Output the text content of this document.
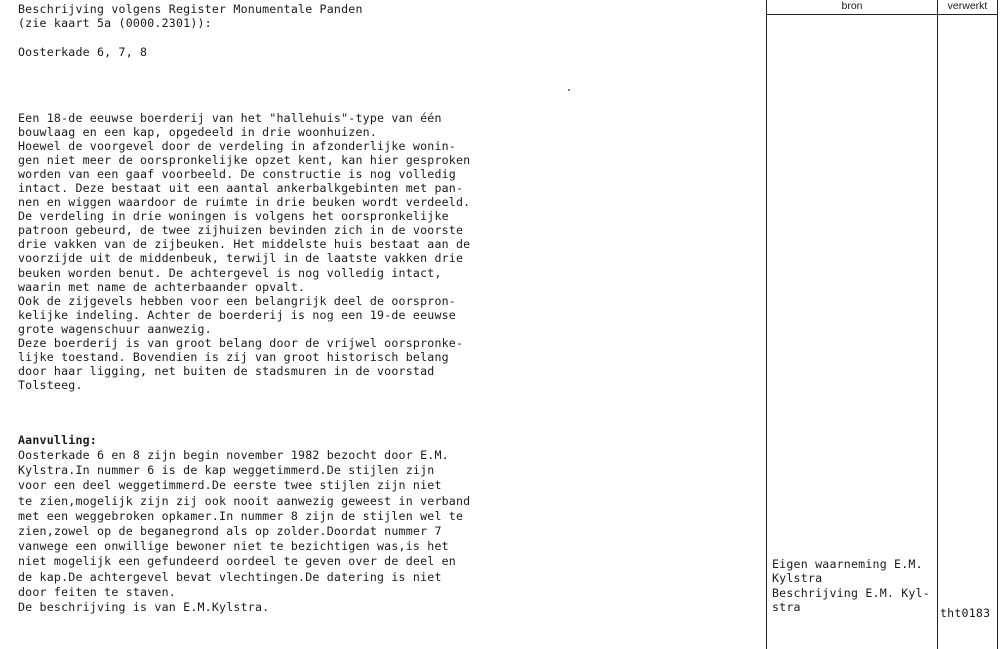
Beschrijving volgens Register Monumentale Panden
(zie kaart 5a (0000.2301)):
Oosterkade 6, 7, 8
Een 18-de eeuwse boerderij van het "hallehuis"-type van één
bouwlaag en een kap, opgedeeld in drie woonhuizen.
Hoewel de voorgevel door de verdeling in afzonderlijke wonin-
gen niet meer de oorspronkelijke opzet kent, kan hier gesproken
worden van een gaaf voorbeeld. De constructie is nog volledig
intact. Deze bestaat uit een aantal ankerbalkgebinten met pan-
nen en wiggen waardoor de ruimte in drie beuken wordt verdeeld.
De verdeling in drie woningen is volgens het oorspronkelijke
patroon gebeurd, de twee zijhuizen bevinden zich in de voorste
drie vakken van de zijbeuken. Het middelste huis bestaat aan de
voorzijde uit de middenbeuk, terwijl in de laatste vakken drie
beuken worden benut. De achtergevel is nog volledig intact,
waarin met name de achterbaander opvalt.
Ook de zijgevels hebben voor een belangrijk deel de oorspron-
kelijke indeling. Achter de boerderij is nog een 19-de eeuwse
grote wagenschuur aanwezig.
Deze boerderij is van groot belang door de vrijwel oorspronke-
lijke toestand. Bovendien is zij van groot historisch belang
door haar ligging, net buiten de stadsmuren in de voorstad
Tolsteeg.
Aanvulling:
Oosterkade 6 en 8 zijn begin november 1982 bezocht door E.M.
Kylstra.In nummer 6 is de kap weggetimmerd.De stijlen zijn
voor een deel weggetimmerd.De eerste twee stijlen zijn niet
te zien,mogelijk zijn zij ook nooit aanwezig geweest in verband
met een weggebroken opkamer.In nummer 8 zijn de stijlen wel te
zien,zowel op de beganegrond als op zolder.Doordat nummer 7
vanwege een onwillige bewoner niet te bezichtigen was,is het
niet mogelijk een gefundeerd oordeel te geven over de deel en
de kap.De achtergevel bevat vlechtingen.De datering is niet
door feiten te staven.
De beschrijving is van E.M.Kylstra.
bron	verwerkt
Eigen waarneming E.M.
Kylstra
Beschrijving E.M. Kyl-
stra	tht0183
